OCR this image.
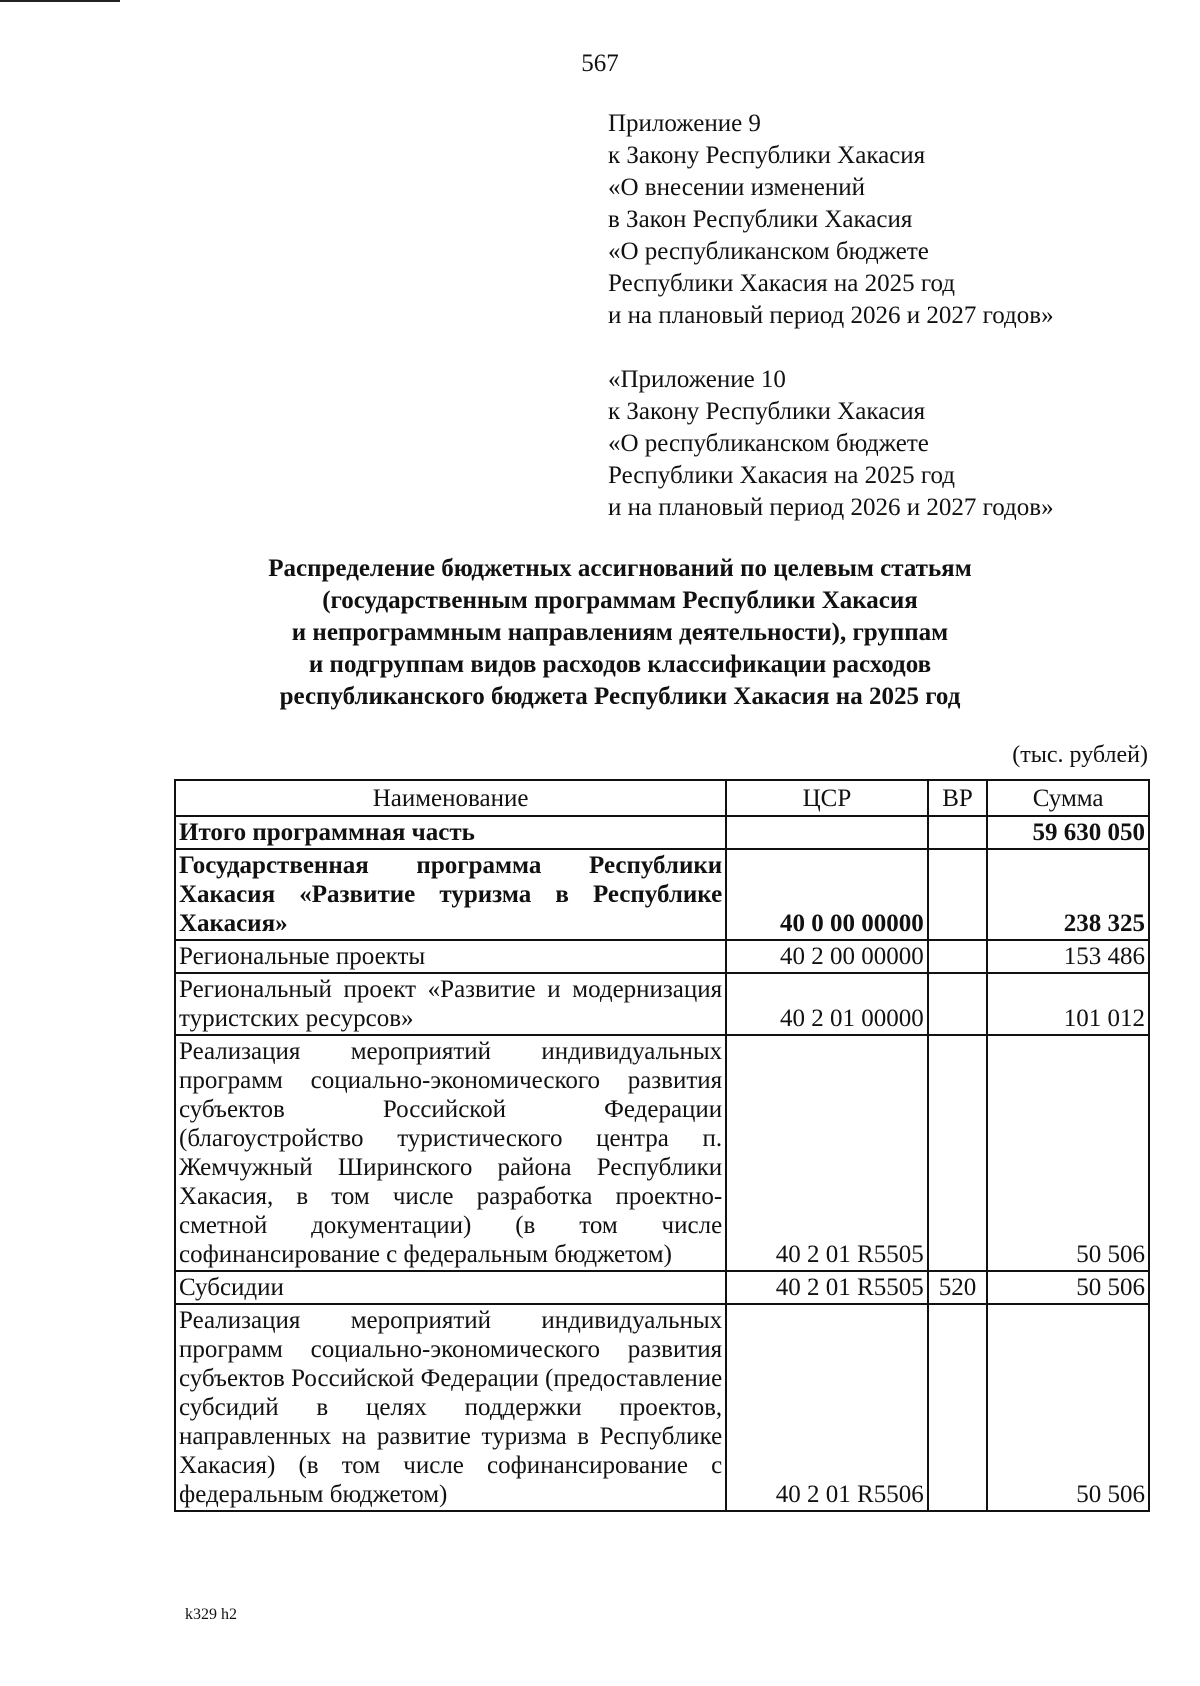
567
Приложение 9
к Закону Республики Хакасия
«О внесении изменений
в Закон Республики Хакасия
«О республиканском бюджете
Республики Хакасия на 2025 год
и на плановый период 2026 и 2027 годов»
«Приложение 10
к Закону Республики Хакасия
«О республиканском бюджете
Республики Хакасия на 2025 год
и на плановый период 2026 и 2027 годов»
Распределение бюджетных ассигнований по целевым статьям
(государственным программам Республики Хакасия
и непрограммным направлениям деятельности), группам
и подгруппам видов расходов классификации расходов
республиканского бюджета Республики Хакасия на 2025 год
(тыс. рублей)
Наименование	ЦСР	ВР	Сумма
Итого программная часть			59 630 050
Государственная программа Республики Хакасия «Развитие туризма в Республике Хакасия»	40 0 00 00000		238 325
Региональные проекты	40 2 00 00000		153 486
Региональный проект «Развитие и модернизация туристских ресурсов»	40 2 01 00000		101 012
Реализация мероприятий индивидуальных программ социально-экономического развития субъектов Российской Федерации (благоустройство туристического центра п. Жемчужный Ширинского района Республики Хакасия, в том числе разработка проектно-сметной документации) (в том числе софинансирование с федеральным бюджетом)	40 2 01 R5505		50 506
Субсидии	40 2 01 R5505	520	50 506
Реализация мероприятий индивидуальных программ социально-экономического развития субъектов Российской Федерации (предоставление субсидий в целях поддержки проектов, направленных на развитие туризма в Республике Хакасия) (в том числе софинансирование с федеральным бюджетом)	40 2 01 R5506		50 506
k329 h2
